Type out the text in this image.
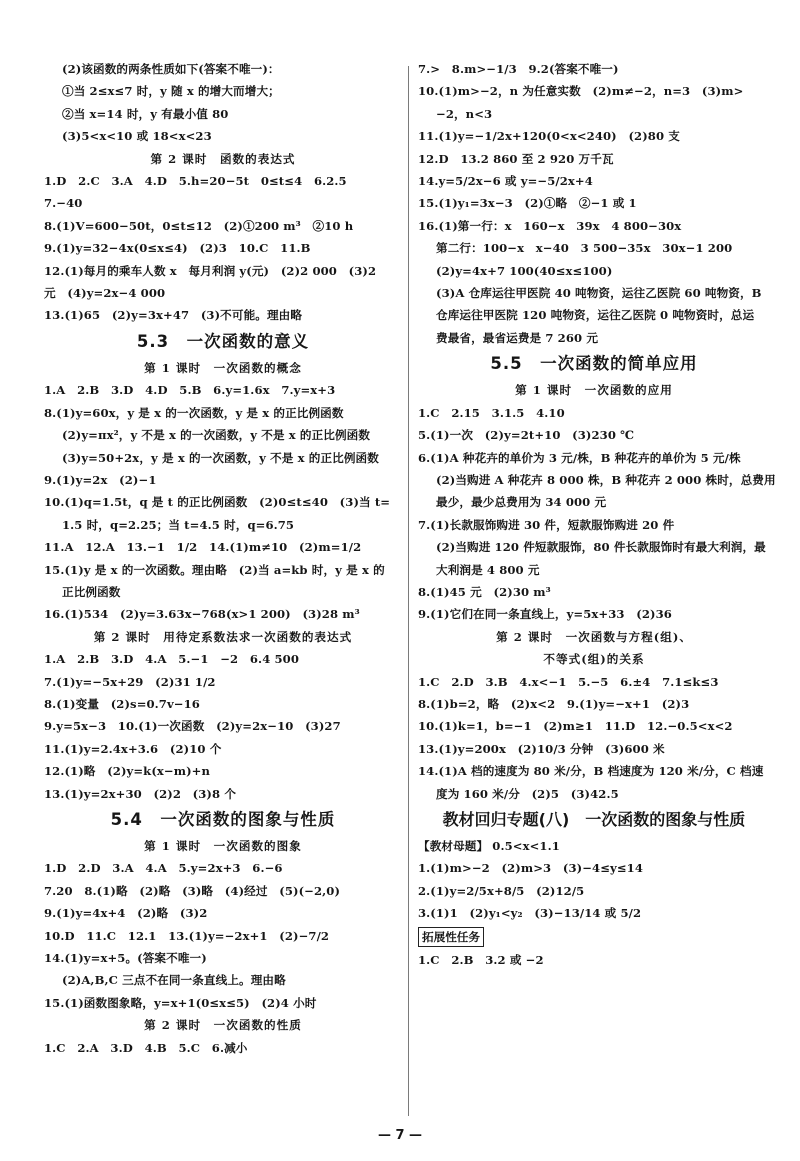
(2)该函数的两条性质如下(答案不唯一)：
①当 2≤x≤7 时，y 随 x 的增大而增大；
②当 x=14 时，y 有最小值 80
(3)5<x<10 或 18<x<23
第 2 课时　函数的表达式
1.D　2.C　3.A　4.D　5.h=20−5t　0≤t≤4　6.2.5
7.−40
8.(1)V=600−50t，0≤t≤12　(2)①200 m³　②10 h
9.(1)y=32−4x(0≤x≤4)　(2)3　10.C　11.B
12.(1)每月的乘车人数 x　每月利润 y(元)　(2)2 000　(3)2
元　(4)y=2x−4 000
13.(1)65　(2)y=3x+47　(3)不可能。理由略
5.3　一次函数的意义
第 1 课时　一次函数的概念
1.A　2.B　3.D　4.D　5.B　6.y=1.6x　7.y=x+3
8.(1)y=60x，y 是 x 的一次函数，y 是 x 的正比例函数
(2)y=πx²，y 不是 x 的一次函数，y 不是 x 的正比例函数
(3)y=50+2x，y 是 x 的一次函数，y 不是 x 的正比例函数
9.(1)y=2x　(2)−1
10.(1)q=1.5t，q 是 t 的正比例函数　(2)0≤t≤40　(3)当 t=
1.5 时，q=2.25；当 t=4.5 时，q=6.75
11.A　12.A　13.−1　1/2　14.(1)m≠10　(2)m=1/2
15.(1)y 是 x 的一次函数。理由略　(2)当 a=kb 时，y 是 x 的
正比例函数
16.(1)534　(2)y=3.63x−768(x>1 200)　(3)28 m³
第 2 课时　用待定系数法求一次函数的表达式
1.A　2.B　3.D　4.A　5.−1　−2　6.4 500
7.(1)y=−5x+29　(2)31 1/2
8.(1)变量　(2)s=0.7v−16
9.y=5x−3　10.(1)一次函数　(2)y=2x−10　(3)27
11.(1)y=2.4x+3.6　(2)10 个
12.(1)略　(2)y=k(x−m)+n
13.(1)y=2x+30　(2)2　(3)8 个
5.4　一次函数的图象与性质
第 1 课时　一次函数的图象
1.D　2.D　3.A　4.A　5.y=2x+3　6.−6
7.20　8.(1)略　(2)略　(3)略　(4)经过　(5)(−2,0)
9.(1)y=4x+4　(2)略　(3)2
10.D　11.C　12.1　13.(1)y=−2x+1　(2)−7/2
14.(1)y=x+5。(答案不唯一)
(2)A,B,C 三点不在同一条直线上。理由略
15.(1)函数图象略，y=x+1(0≤x≤5)　(2)4 小时
第 2 课时　一次函数的性质
1.C　2.A　3.D　4.B　5.C　6.减小
7.>　8.m>−1/3　9.2(答案不唯一)
10.(1)m>−2，n 为任意实数　(2)m≠−2，n=3　(3)m>
−2，n<3
11.(1)y=−1/2x+120(0<x<240)　(2)80 支
12.D　13.2 860 至 2 920 万千瓦
14.y=5/2x−6 或 y=−5/2x+4
15.(1)y₁=3x−3　(2)①略　②−1 或 1
16.(1)第一行：x　160−x　39x　4 800−30x
第二行：100−x　x−40　3 500−35x　30x−1 200
(2)y=4x+7 100(40≤x≤100)
(3)A 仓库运往甲医院 40 吨物资，运往乙医院 60 吨物资，B
仓库运往甲医院 120 吨物资，运往乙医院 0 吨物资时，总运
费最省，最省运费是 7 260 元
5.5　一次函数的简单应用
第 1 课时　一次函数的应用
1.C　2.15　3.1.5　4.10
5.(1)一次　(2)y=2t+10　(3)230 ℃
6.(1)A 种花卉的单价为 3 元/株，B 种花卉的单价为 5 元/株
(2)当购进 A 种花卉 8 000 株，B 种花卉 2 000 株时，总费用
最少，最少总费用为 34 000 元
7.(1)长款服饰购进 30 件，短款服饰购进 20 件
(2)当购进 120 件短款服饰，80 件长款服饰时有最大利润，最
大利润是 4 800 元
8.(1)45 元　(2)30 m³
9.(1)它们在同一条直线上，y=5x+33　(2)36
第 2 课时　一次函数与方程(组)、
不等式(组)的关系
1.C　2.D　3.B　4.x<−1　5.−5　6.±4　7.1≤k≤3
8.(1)b=2，略　(2)x<2　9.(1)y=−x+1　(2)3
10.(1)k=1，b=−1　(2)m≥1　11.D　12.−0.5<x<2
13.(1)y=200x　(2)10/3 分钟　(3)600 米
14.(1)A 档的速度为 80 米/分，B 档速度为 120 米/分，C 档速
度为 160 米/分　(2)5　(3)42.5
教材回归专题(八)　一次函数的图象与性质
【教材母题】 0.5<x<1.1
1.(1)m>−2　(2)m>3　(3)−4≤y≤14
2.(1)y=2/5x+8/5　(2)12/5
3.(1)1　(2)y₁<y₂　(3)−13/14 或 5/2
拓展性任务
1.C　2.B　3.2 或 −2
— 7 —
